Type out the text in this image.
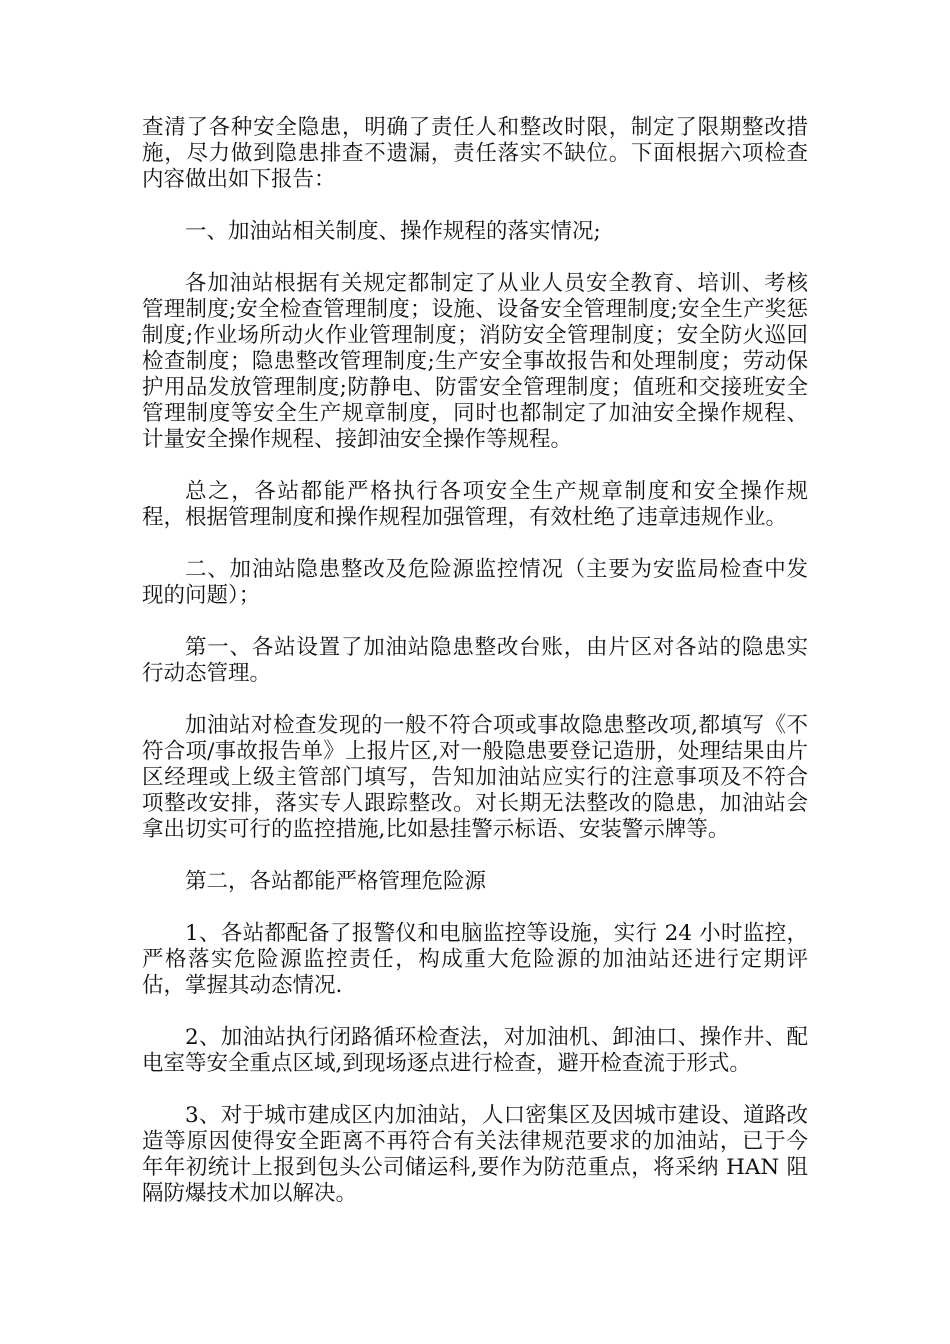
查清了各种安全隐患，明确了责任人和整改时限，制定了限期整改措施，尽力做到隐患排查不遗漏，责任落实不缺位。下面根据六项检查内容做出如下报告：

一、加油站相关制度、操作规程的落实情况;

各加油站根据有关规定都制定了从业人员安全教育、培训、考核管理制度;安全检查管理制度；设施、设备安全管理制度;安全生产奖惩制度;作业场所动火作业管理制度；消防安全管理制度；安全防火巡回检查制度；隐患整改管理制度;生产安全事故报告和处理制度；劳动保护用品发放管理制度;防静电、防雷安全管理制度；值班和交接班安全管理制度等安全生产规章制度，同时也都制定了加油安全操作规程、计量安全操作规程、接卸油安全操作等规程。

总之，各站都能严格执行各项安全生产规章制度和安全操作规程，根据管理制度和操作规程加强管理，有效杜绝了违章违规作业。

二、加油站隐患整改及危险源监控情况（主要为安监局检查中发现的问题）；

第一、各站设置了加油站隐患整改台账，由片区对各站的隐患实行动态管理。

加油站对检查发现的一般不符合项或事故隐患整改项,都填写《不符合项/事故报告单》上报片区,对一般隐患要登记造册，处理结果由片区经理或上级主管部门填写，告知加油站应实行的注意事项及不符合项整改安排，落实专人跟踪整改。对长期无法整改的隐患，加油站会拿出切实可行的监控措施,比如悬挂警示标语、安装警示牌等。

第二，各站都能严格管理危险源

1、各站都配备了报警仪和电脑监控等设施，实行 24 小时监控，严格落实危险源监控责任，构成重大危险源的加油站还进行定期评估，掌握其动态情况.

2、加油站执行闭路循环检查法，对加油机、卸油口、操作井、配电室等安全重点区域,到现场逐点进行检查，避开检查流于形式。

3、对于城市建成区内加油站，人口密集区及因城市建设、道路改造等原因使得安全距离不再符合有关法律规范要求的加油站，已于今年年初统计上报到包头公司储运科,要作为防范重点，将采纳 HAN 阻隔防爆技术加以解决。
